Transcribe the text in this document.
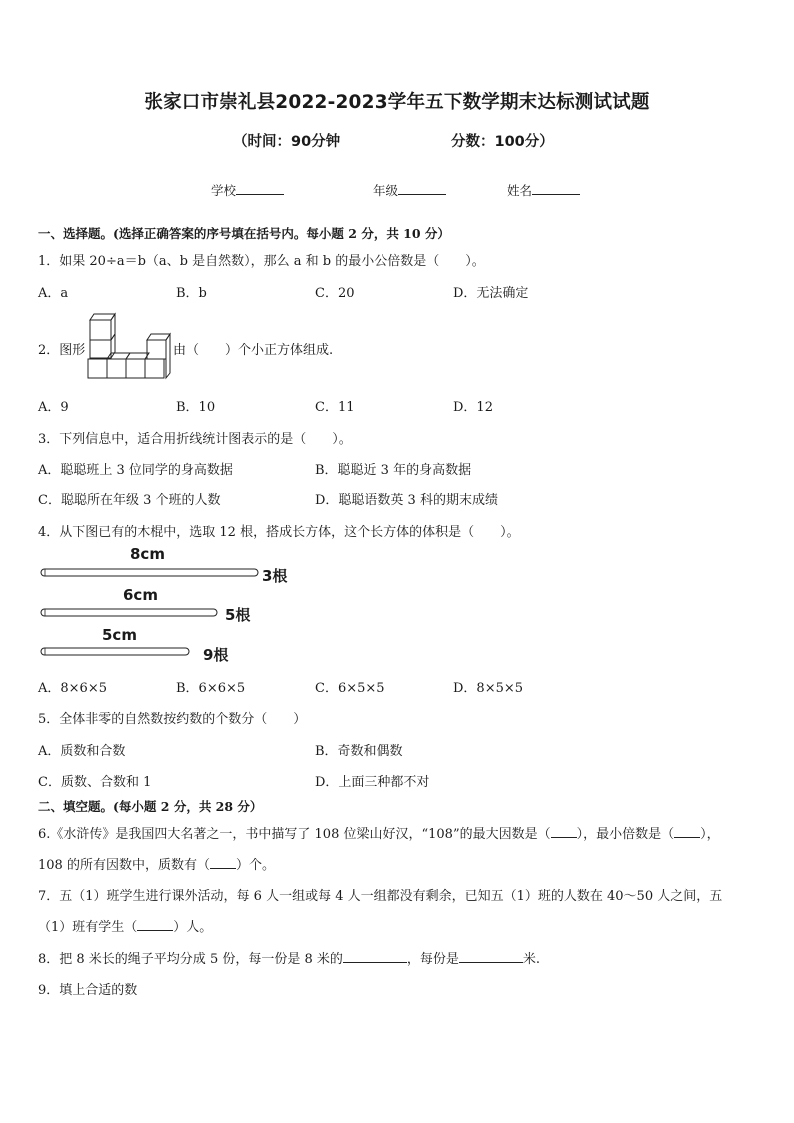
张家口市崇礼县2022-2023学年五下数学期末达标测试试题
（时间：90分钟	分数：100分）
学校	年级	姓名
一、选择题。(选择正确答案的序号填在括号内。每小题 2 分，共 10 分）
1．如果 20÷a＝b（a、b 是自然数），那么 a 和 b 的最小公倍数是（　　）。
A．a	B．b	C．20	D．无法确定
2．图形	由（　　）个小正方体组成.
A．9	B．10	C．11	D．12
3．下列信息中，适合用折线统计图表示的是（　　）。
A．聪聪班上 3 位同学的身高数据	B．聪聪近 3 年的身高数据
C．聪聪所在年级 3 个班的人数	D．聪聪语数英 3 科的期末成绩
4．从下图已有的木棍中，选取 12 根，搭成长方体，这个长方体的体积是（　　）。
8cm
3根
6cm
5根
5cm
9根
A．8×6×5	B．6×6×5	C．6×5×5	D．8×5×5
5．全体非零的自然数按约数的个数分（　　）
A．质数和合数	B．奇数和偶数
C．质数、合数和 1	D．上面三种都不对
二、填空题。(每小题 2 分，共 28 分）
6.《水浒传》是我国四大名著之一，书中描写了 108 位梁山好汉，“108”的最大因数是（ ），最小倍数是（ ），
108 的所有因数中，质数有（ ）个。
7．五（1）班学生进行课外活动，每 6 人一组或每 4 人一组都没有剩余，已知五（1）班的人数在 40～50 人之间，五
（1）班有学生（	）人。
8．把 8 米长的绳子平均分成 5 份，每一份是 8 米的	，每份是	米.
9．填上合适的数
